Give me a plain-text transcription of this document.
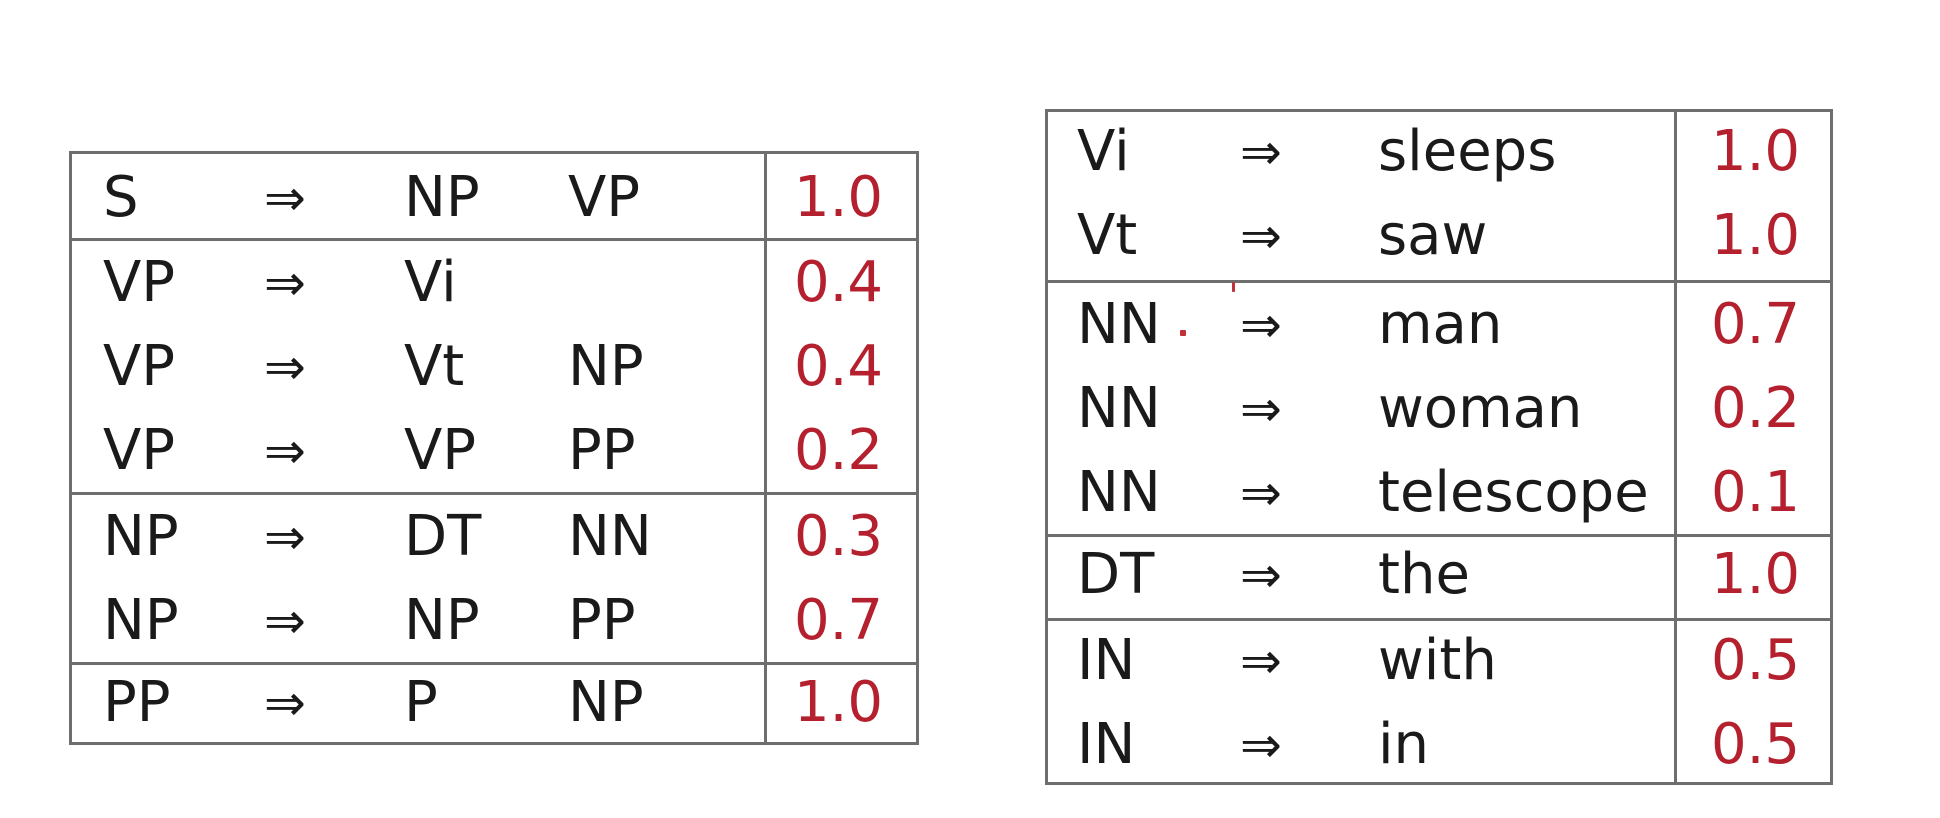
S	⇒ NP VP	1.0
VP ⇒ Vi	0.4
VP ⇒ Vt NP	0.4
VP ⇒ VP PP	0.2
NP ⇒ DT NN	0.3
NP ⇒ NP PP	0.7
PP ⇒ P NP	1.0
Vi ⇒ sleeps	1.0
Vt ⇒ saw	1.0
NN ⇒ man	0.7
NN ⇒ woman 0.2
NN ⇒ telescope 0.1
DT ⇒ the	1.0
IN ⇒ with	0.5
IN ⇒ in	0.5
